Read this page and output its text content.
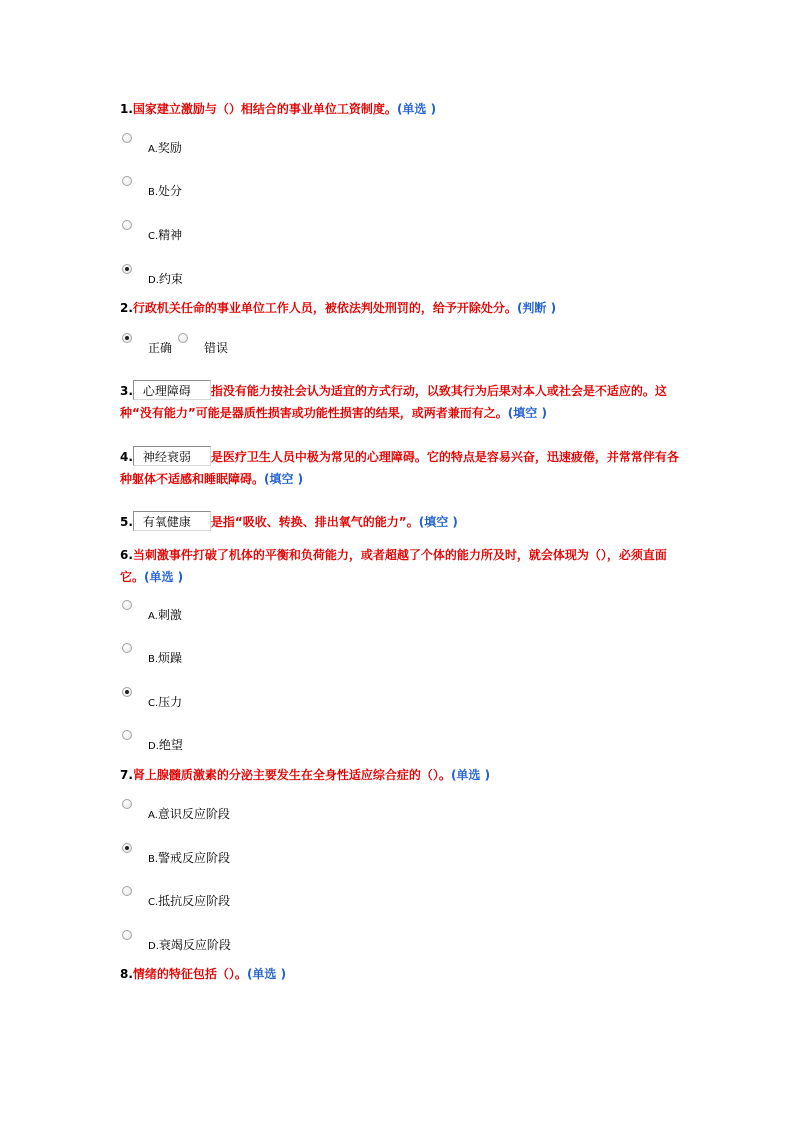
1.国家建立激励与（）相结合的事业单位工资制度。(单选 )
A.奖励
B.处分
C.精神
D.约束
2.行政机关任命的事业单位工作人员，被依法判处刑罚的，给予开除处分。(判断 )
正确	错误
3. 心理障碍 指没有能力按社会认为适宜的方式行动，以致其行为后果对本人或社会是不适应的。这种“没有能力”可能是器质性损害或功能性损害的结果，或两者兼而有之。(填空 )
4. 神经衰弱 是医疗卫生人员中极为常见的心理障碍。它的特点是容易兴奋，迅速疲倦，并常常伴有各种躯体不适感和睡眠障碍。(填空 )
5. 有氧健康 是指“吸收、转换、排出氧气的能力”。(填空 )
6.当刺激事件打破了机体的平衡和负荷能力，或者超越了个体的能力所及时，就会体现为（），必须直面它。(单选 )
A.刺激
B.烦躁
C.压力
D.绝望
7.肾上腺髓质激素的分泌主要发生在全身性适应综合症的（）。(单选 )
A.意识反应阶段
B.警戒反应阶段
C.抵抗反应阶段
D.衰竭反应阶段
8.情绪的特征包括（）。(单选 )
